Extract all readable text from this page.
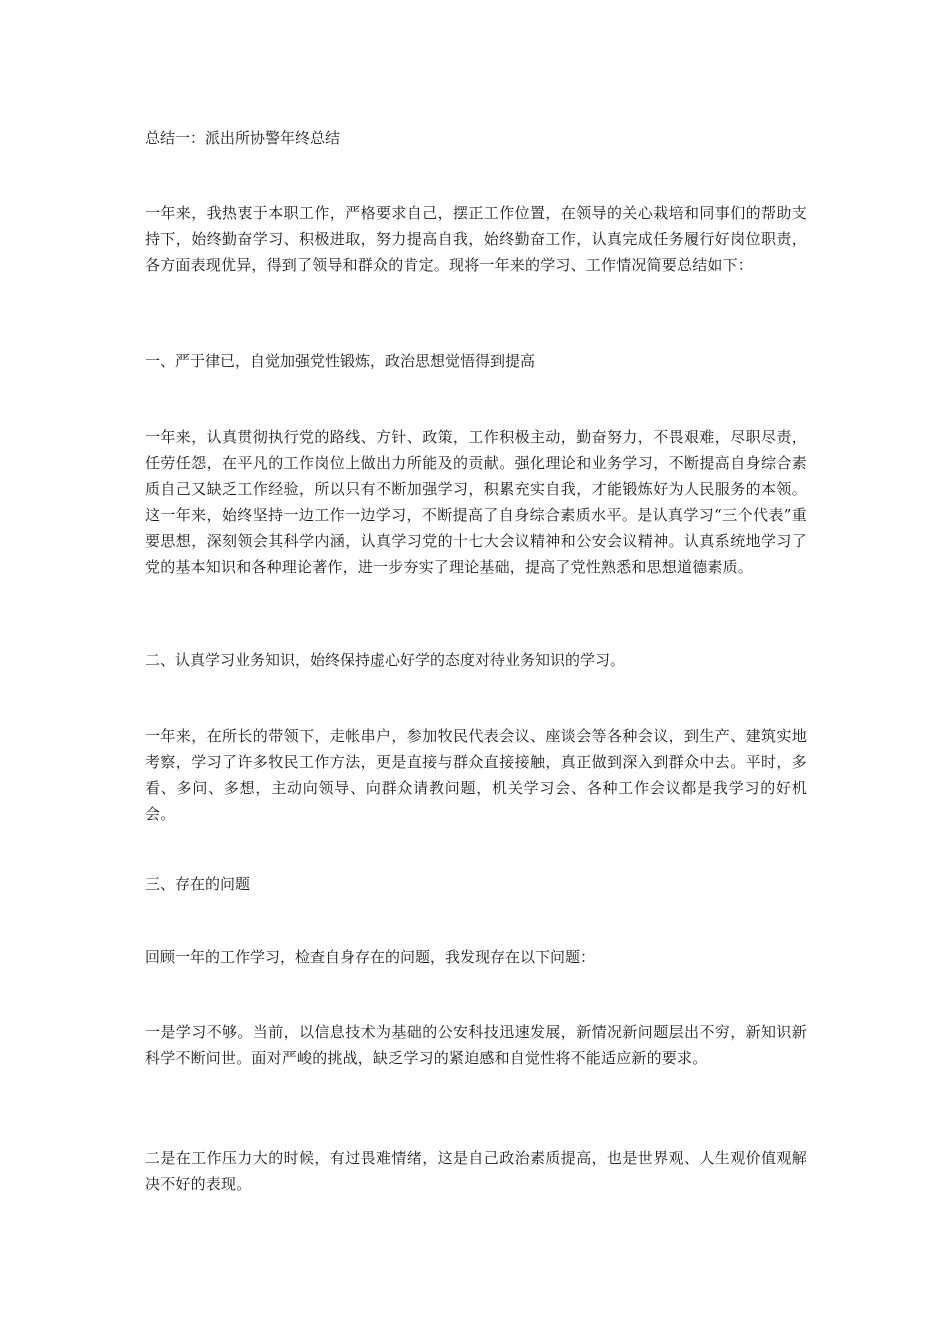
总结一：派出所协警年终总结
一年来，我热衷于本职工作，严格要求自己，摆正工作位置，在领导的关心栽培和同事们的帮助支持下，始终勤奋学习、积极进取，努力提高自我，始终勤奋工作，认真完成任务履行好岗位职责，各方面表现优异，得到了领导和群众的肯定。现将一年来的学习、工作情况简要总结如下：
一、严于律已，自觉加强党性锻炼，政治思想觉悟得到提高
一年来，认真贯彻执行党的路线、方针、政策，工作积极主动，勤奋努力，不畏艰难，尽职尽责，任劳任怨，在平凡的工作岗位上做出力所能及的贡献。强化理论和业务学习，不断提高自身综合素质自己又缺乏工作经验，所以只有不断加强学习，积累充实自我，才能锻炼好为人民服务的本领。这一年来，始终坚持一边工作一边学习，不断提高了自身综合素质水平。是认真学习“三个代表”重要思想，深刻领会其科学内涵，认真学习党的十七大会议精神和公安会议精神。认真系统地学习了党的基本知识和各种理论著作，进一步夯实了理论基础，提高了党性熟悉和思想道德素质。
二、认真学习业务知识，始终保持虚心好学的态度对待业务知识的学习。
一年来，在所长的带领下，走帐串户，参加牧民代表会议、座谈会等各种会议，到生产、建筑实地考察，学习了许多牧民工作方法，更是直接与群众直接接触，真正做到深入到群众中去。平时，多看、多问、多想，主动向领导、向群众请教问题，机关学习会、各种工作会议都是我学习的好机会。
三、存在的问题
回顾一年的工作学习，检查自身存在的问题，我发现存在以下问题：
一是学习不够。当前，以信息技术为基础的公安科技迅速发展，新情况新问题层出不穷，新知识新科学不断问世。面对严峻的挑战，缺乏学习的紧迫感和自觉性将不能适应新的要求。
二是在工作压力大的时候，有过畏难情绪，这是自己政治素质提高，也是世界观、人生观价值观解决不好的表现。
